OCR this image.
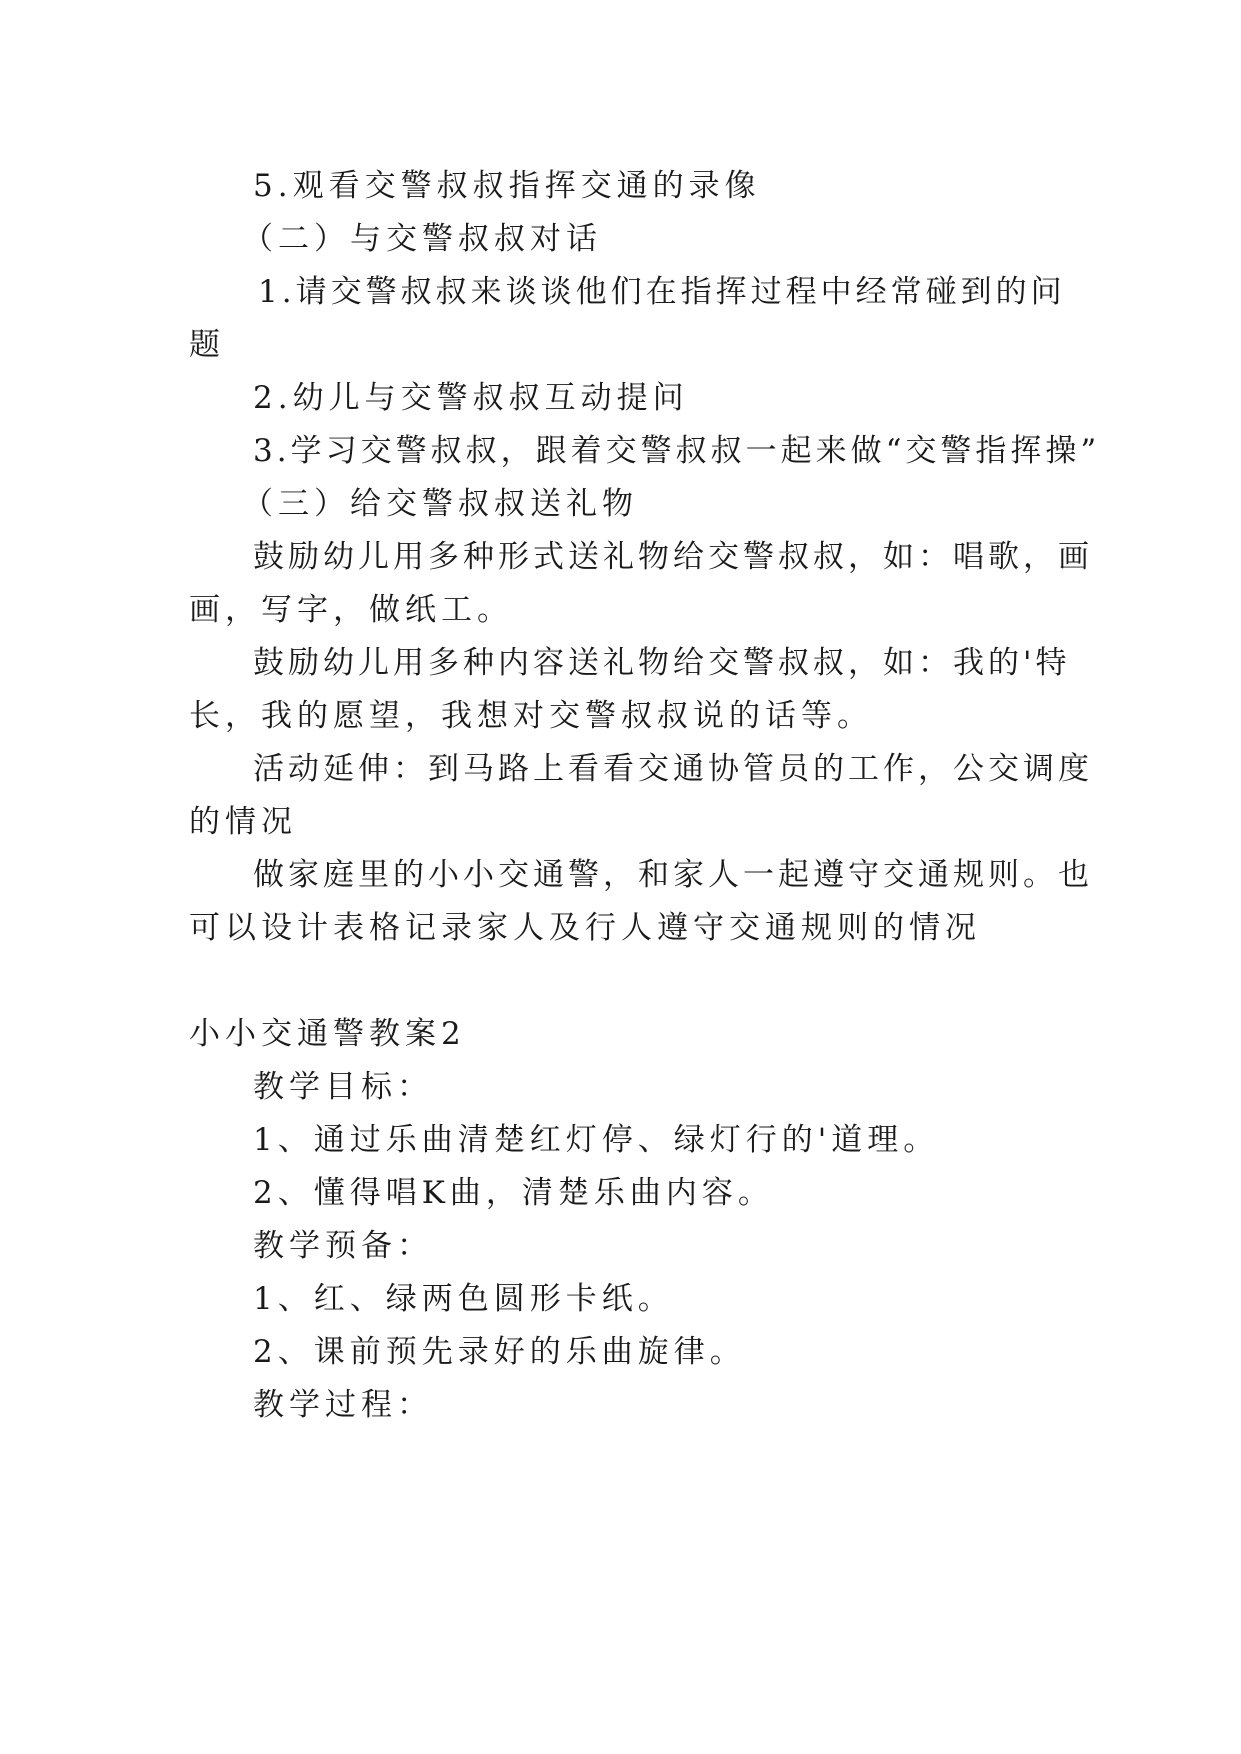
5.观看交警叔叔指挥交通的录像
（二）与交警叔叔对话
1.请交警叔叔来谈谈他们在指挥过程中经常碰到的问
题
2.幼儿与交警叔叔互动提问
3.学习交警叔叔，跟着交警叔叔一起来做“交警指挥操”
（三）给交警叔叔送礼物
鼓励幼儿用多种形式送礼物给交警叔叔，如：唱歌，画
画，写字，做纸工。
鼓励幼儿用多种内容送礼物给交警叔叔，如：我的'特
长，我的愿望，我想对交警叔叔说的话等。
活动延伸：到马路上看看交通协管员的工作，公交调度
的情况
做家庭里的小小交通警，和家人一起遵守交通规则。也
可以设计表格记录家人及行人遵守交通规则的情况
小小交通警教案2
教学目标：
1、通过乐曲清楚红灯停、绿灯行的'道理。
2、懂得唱K曲，清楚乐曲内容。
教学预备：
1、红、绿两色圆形卡纸。
2、课前预先录好的乐曲旋律。
教学过程：
